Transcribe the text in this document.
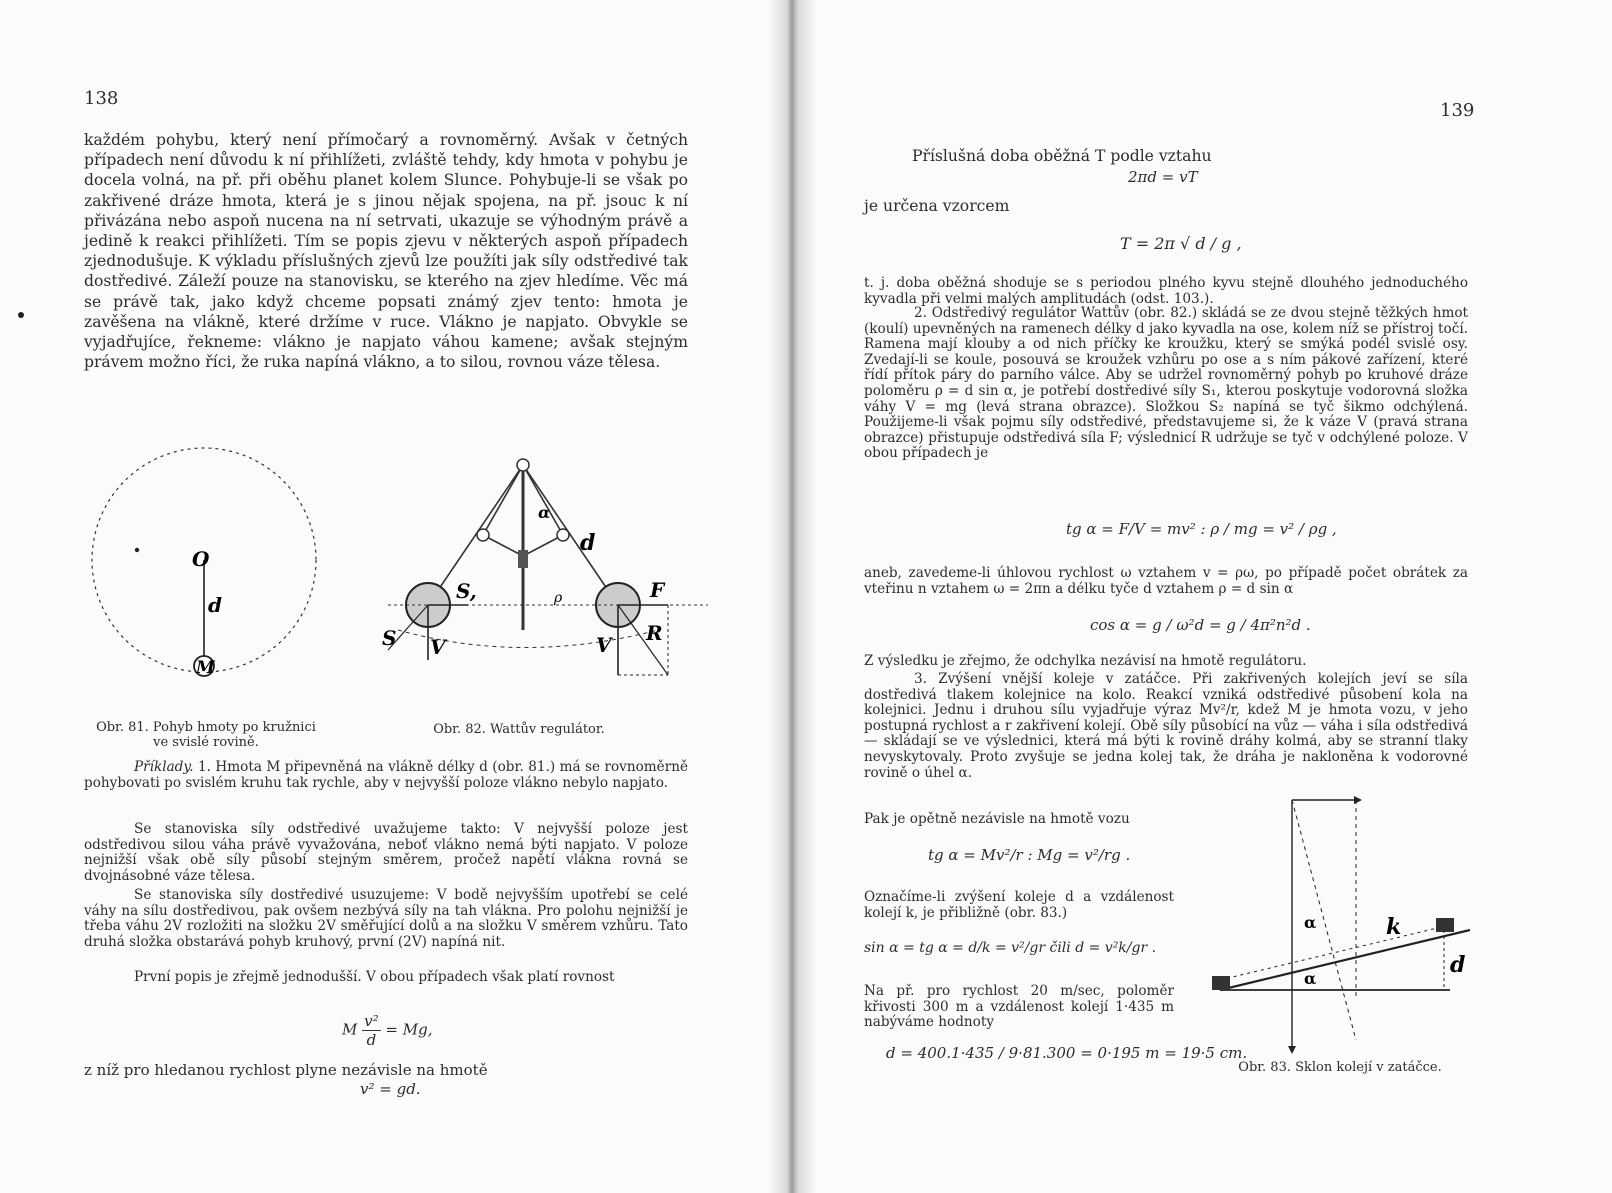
138

každém pohybu, který není přímočarý a rovnoměrný. Avšak v četných případech není důvodu k ní přihlížeti, zvláště tehdy, kdy hmota v pohybu je docela volná, na př. při oběhu planet kolem Slunce. Pohybuje-li se však po zakřivené dráze hmota, která je s jinou nějak spojena, na př. jsouc k ní přivázána nebo aspoň nucena na ní setrvati, ukazuje se výhodným právě a jedině k reakci přihlížeti. Tím se popis zjevu v některých aspoň případech zjednodušuje. K výkladu příslušných zjevů lze použíti jak síly odstředivé tak dostředivé. Záleží pouze na stanovisku, se kterého na zjev hledíme. Věc má se právě tak, jako když chceme popsati známý zjev tento: hmota je zavěšena na vlákně, které držíme v ruce. Vlákno je napjato. Obvykle se vyjadřujíce, řekneme: vlákno je napjato váhou kamene; avšak stejným právem možno říci, že ruka napíná vlákno, a to silou, rovnou váze tělesa.

O
d
M
Obr. 81. Pohyb hmoty po kružnici ve svislé rovině.
α
d
S,
S V
ρ	F
V R
Obr. 82. Wattův regulátor.

Příklady. 1. Hmota M připevněná na vlákně délky d (obr. 81.) má se rovnoměrně pohybovati po svislém kruhu tak rychle, aby v nejvyšší poloze vlákno nebylo napjato.

Se stanoviska síly odstředivé uvažujeme takto: V nejvyšší poloze jest odstředivou silou váha právě vyvažována, neboť vlákno nemá býti napjato. V poloze nejnižší však obě síly působí stejným směrem, pročež napětí vlákna rovná se dvojnásobné váze tělesa.

Se stanoviska síly dostředivé usuzujeme: V bodě nejvyšším upotřebí se celé váhy na sílu dostředivou, pak ovšem nezbývá síly na tah vlákna. Pro polohu nejnižší je třeba váhu 2V rozložiti na složku 2V směřující dolů a na složku V směrem vzhůru. Tato druhá složka obstarává pohyb kruhový, první (2V) napíná nit.

První popis je zřejmě jednodušší. V obou případech však platí rovnost

M $\frac{\text{v²}}{d} = Mg$,

z níž pro hledanou rychlost plyne nezávisle na hmotě

v² = gd.
139
Příslušná doba oběžná T podle vztahu
2πd = vT
je určena vzorcem
T = 2π √ d / g ,

t. j. doba oběžná shoduje se s periodou plného kyvu stejně dlouhého jednoduchého kyvadla při velmi malých amplitudách (odst. 103.).

2. Odstředivý regulátor Wattův (obr. 82.) skládá se ze dvou stejně těžkých hmot (koulí) upevněných na ramenech délky d jako kyvadla na ose, kolem níž se přístroj točí. Ramena mají klouby a od nich příčky ke kroužku, který se smýká podél svislé osy. Zvedají-li se koule, posouvá se kroužek vzhůru po ose a s ním pákové zařízení, které řídí přítok páry do parního válce. Aby se udržel rovnoměrný pohyb po kruhové dráze poloměru ρ = d sin α, je potřebí dostředivé síly S₁, kterou poskytuje vodorovná složka váhy V = mg (levá strana obrazce). Složkou S₂ napíná se tyč šikmo odchýlená. Použijeme-li však pojmu síly odstředivé, představujeme si, že k váze V (pravá strana obrazce) přistupuje odstředivá síla F; výslednicí R udržuje se tyč v odchýlené poloze. V obou případech je

tg α = F/V = mv² : ρ / mg = v² / ρg ,

aneb, zavedeme-li úhlovou rychlost ω vztahem v = ρω, po případě počet obrátek za vteřinu n vztahem ω = 2πn a délku tyče d vztahem ρ = d sin α

cos α = g / ω²d = g / 4π²n²d .

Z výsledku je zřejmo, že odchylka nezávisí na hmotě regulátoru.

3. Zvýšení vnější koleje v zatáčce. Při zakřivených kolejích jeví se síla dostředivá tlakem kolejnice na kolo. Reakcí vzniká odstředivé působení kola na kolejnici. Jednu i druhou sílu vyjadřuje výraz Mv²/r, kdež M je hmota vozu, v jeho postupná rychlost a r zakřivení kolejí. Obě síly působící na vůz — váha i síla odstředivá — skládají se ve výslednici, která má býti k rovině dráhy kolmá, aby se stranní tlaky nevyskytovaly. Proto zvyšuje se jedna kolej tak, že dráha je nakloněna k vodorovné rovině o úhel α.

Pak je opětně nezávisle na hmotě vozu

tg α = Mv²/r : Mg = v²/rg .

Označíme-li zvýšení koleje d a vzdálenost kolejí k, je přibližně (obr. 83.)

sin α = tg α = d/k = v²/gr čili d = v²k/gr .

Na př. pro rychlost 20 m/sec, poloměr křivosti 300 m a vzdálenost kolejí 1·435 m nabýváme hodnoty

d = 400.1·435 / 9·81.300 = 0·195 m = 19·5 cm.
α
α
k
d
Obr. 83. Sklon kolejí v zatáčce.
